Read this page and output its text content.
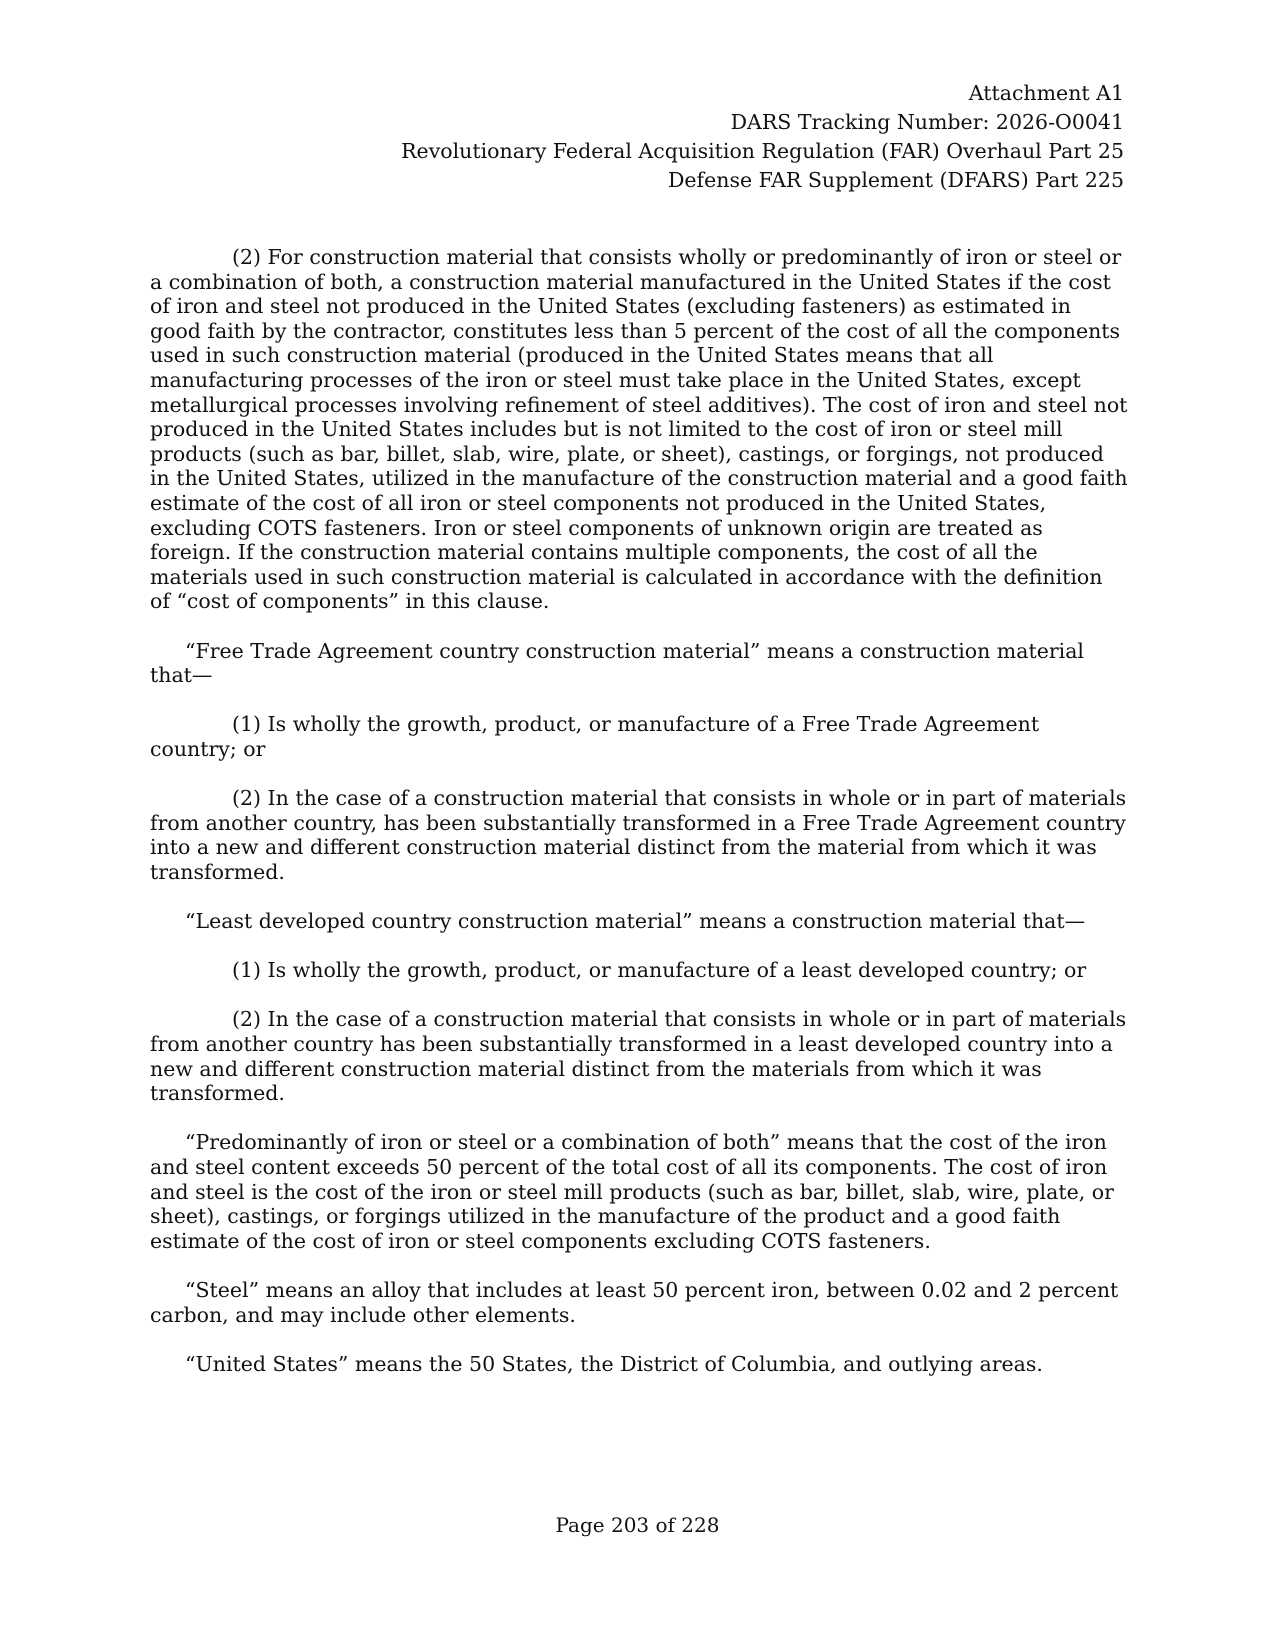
Attachment A1
DARS Tracking Number: 2026-O0041
Revolutionary Federal Acquisition Regulation (FAR) Overhaul Part 25
Defense FAR Supplement (DFARS) Part 225

(2) For construction material that consists wholly or predominantly of iron or steel or a combination of both, a construction material manufactured in the United States if the cost of iron and steel not produced in the United States (excluding fasteners) as estimated in good faith by the contractor, constitutes less than 5 percent of the cost of all the components used in such construction material (produced in the United States means that all manufacturing processes of the iron or steel must take place in the United States, except metallurgical processes involving refinement of steel additives). The cost of iron and steel not produced in the United States includes but is not limited to the cost of iron or steel mill products (such as bar, billet, slab, wire, plate, or sheet), castings, or forgings, not produced in the United States, utilized in the manufacture of the construction material and a good faith estimate of the cost of all iron or steel components not produced in the United States, excluding COTS fasteners. Iron or steel components of unknown origin are treated as foreign. If the construction material contains multiple components, the cost of all the materials used in such construction material is calculated in accordance with the definition of “cost of components” in this clause.

“Free Trade Agreement country construction material” means a construction material that—

(1) Is wholly the growth, product, or manufacture of a Free Trade Agreement country; or

(2) In the case of a construction material that consists in whole or in part of materials from another country, has been substantially transformed in a Free Trade Agreement country into a new and different construction material distinct from the material from which it was transformed.

“Least developed country construction material” means a construction material that—

(1) Is wholly the growth, product, or manufacture of a least developed country; or

(2) In the case of a construction material that consists in whole or in part of materials from another country has been substantially transformed in a least developed country into a new and different construction material distinct from the materials from which it was transformed.

“Predominantly of iron or steel or a combination of both” means that the cost of the iron and steel content exceeds 50 percent of the total cost of all its components. The cost of iron and steel is the cost of the iron or steel mill products (such as bar, billet, slab, wire, plate, or sheet), castings, or forgings utilized in the manufacture of the product and a good faith estimate of the cost of iron or steel components excluding COTS fasteners.

“Steel” means an alloy that includes at least 50 percent iron, between 0.02 and 2 percent carbon, and may include other elements.

“United States” means the 50 States, the District of Columbia, and outlying areas.

Page 203 of 228
